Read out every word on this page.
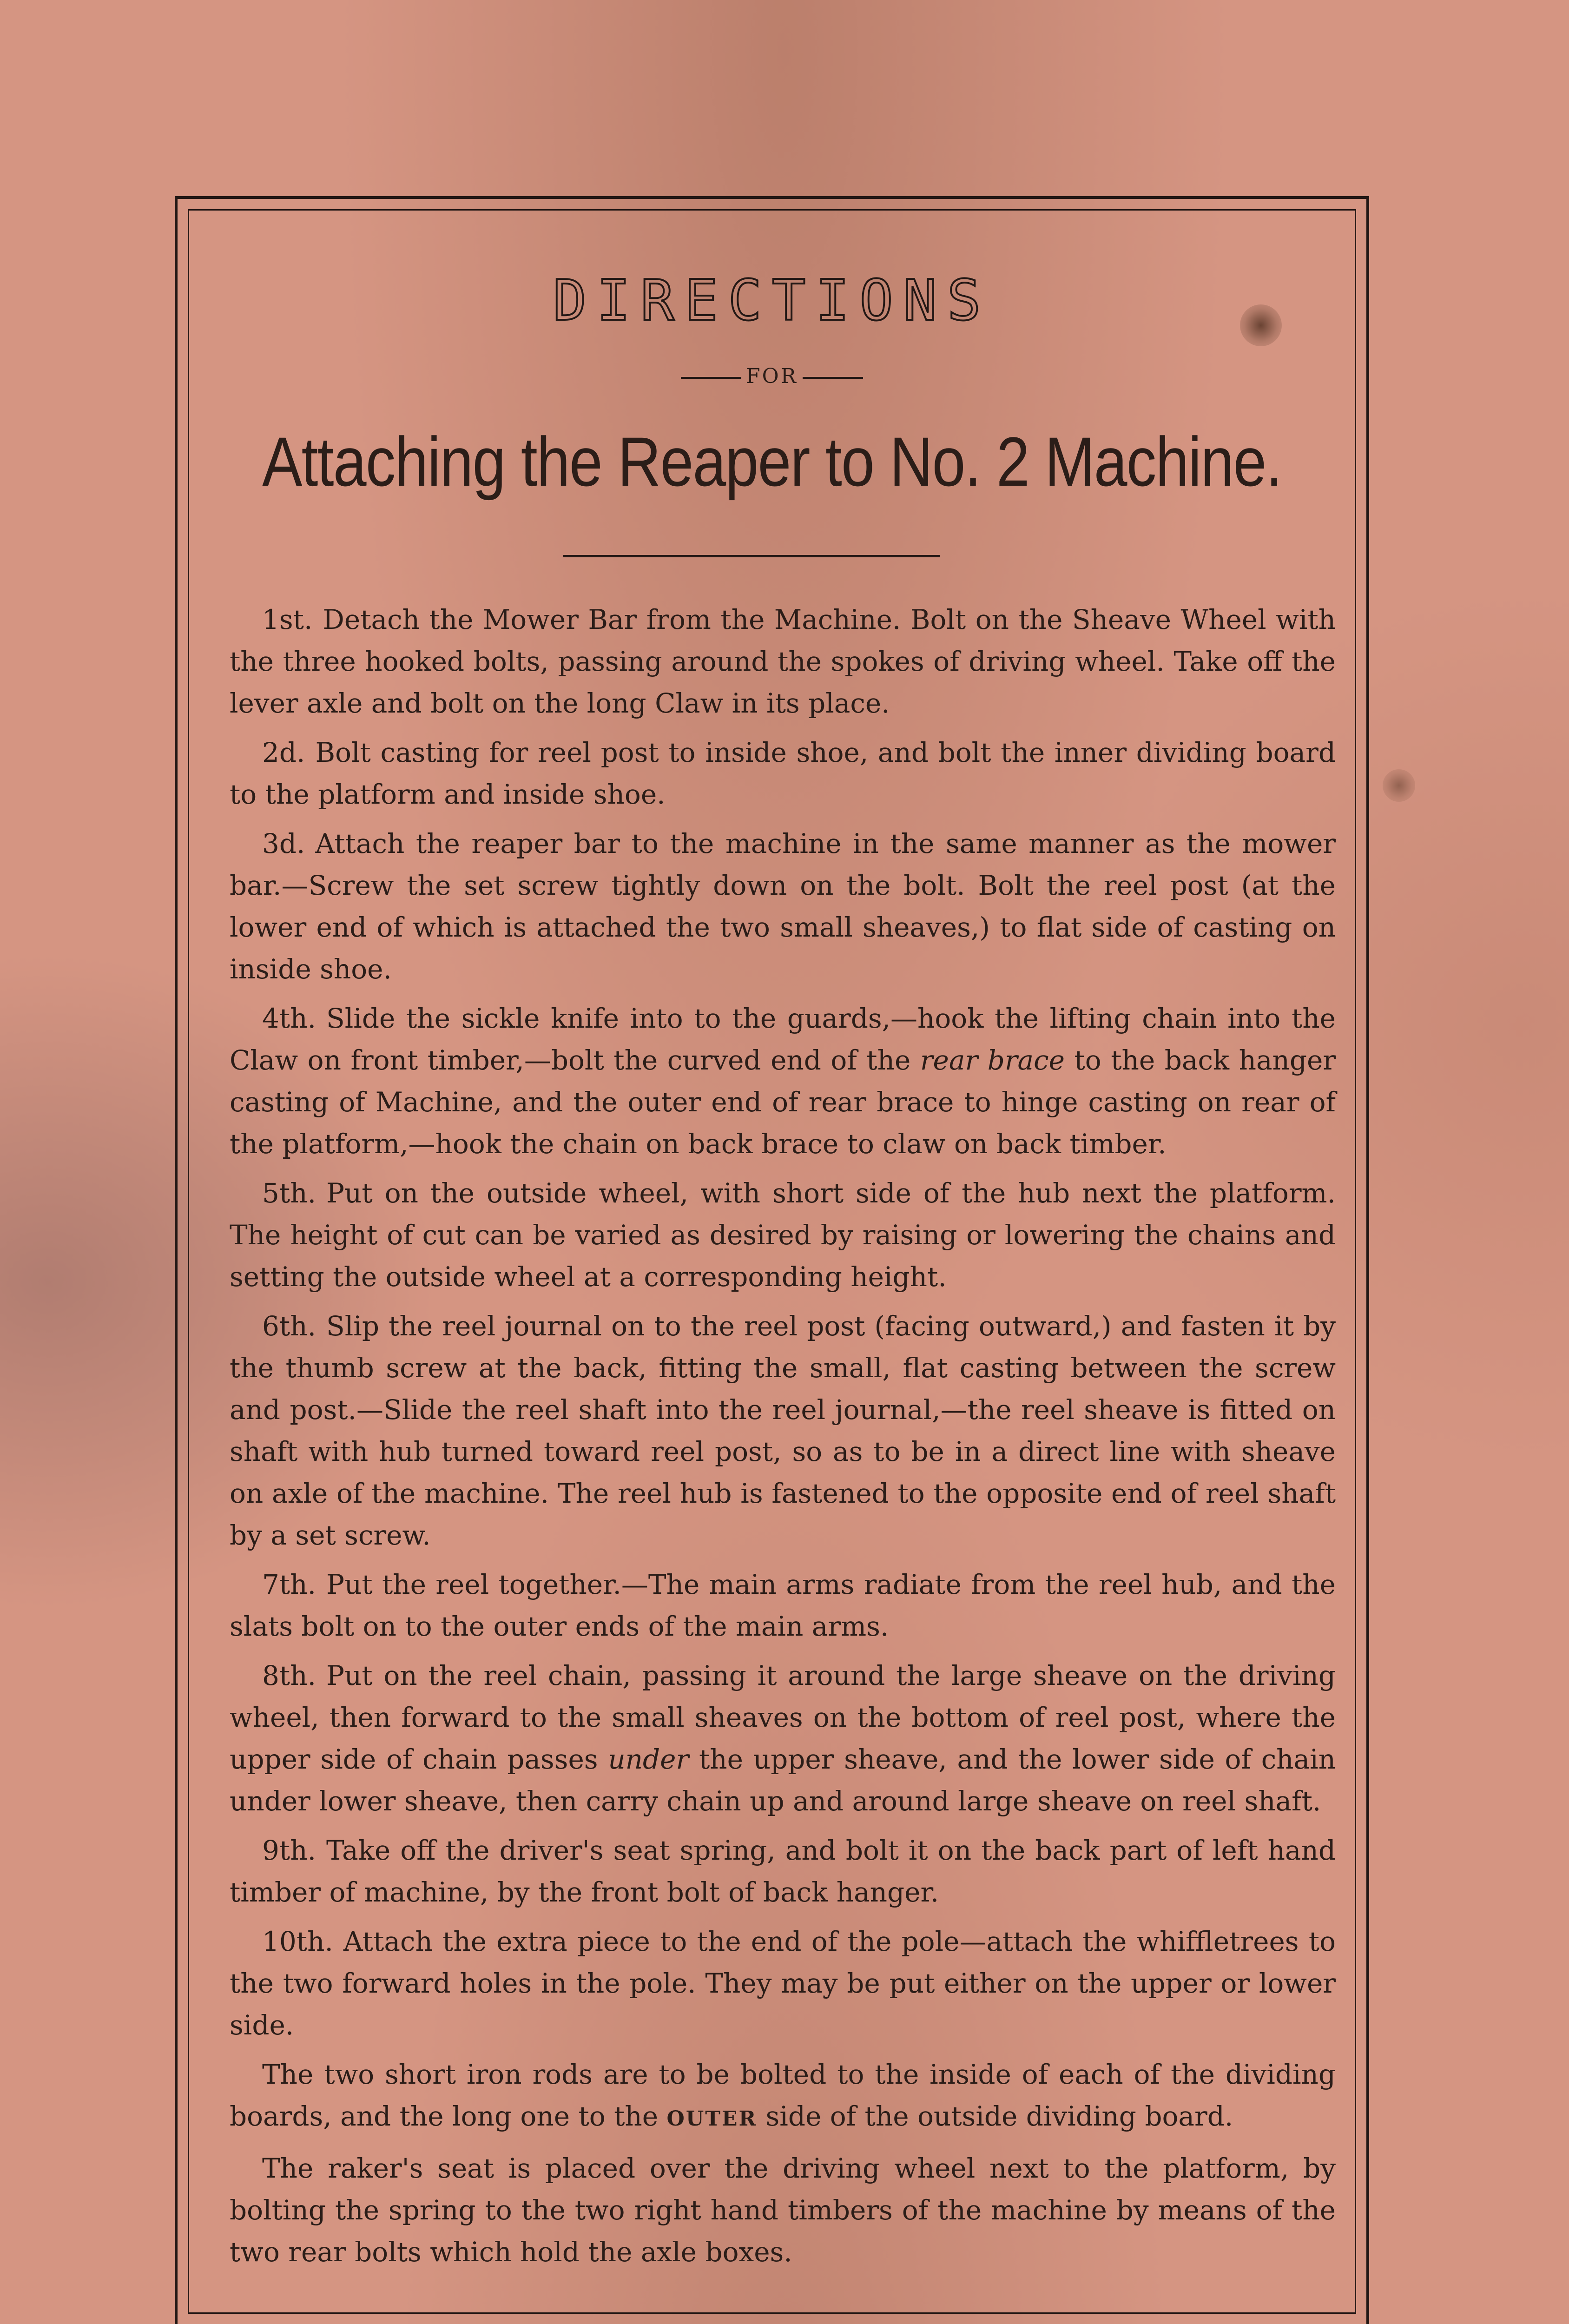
DIRECTIONS
FOR
Attaching the Reaper to No. 2 Machine.

1st. Detach the Mower Bar from the Machine. Bolt on the Sheave Wheel with the three hooked bolts, passing around the spokes of driving wheel. Take off the lever axle and bolt on the long Claw in its place.

2d. Bolt casting for reel post to inside shoe, and bolt the inner dividing board to the platform and inside shoe.

3d. Attach the reaper bar to the machine in the same manner as the mower bar.—Screw the set screw tightly down on the bolt. Bolt the reel post (at the lower end of which is attached the two small sheaves,) to flat side of casting on inside shoe.

4th. Slide the sickle knife into to the guards,—hook the lifting chain into the Claw on front timber,—bolt the curved end of the rear brace to the back hanger casting of Machine, and the outer end of rear brace to hinge casting on rear of the platform,—hook the chain on back brace to claw on back timber.

5th. Put on the outside wheel, with short side of the hub next the platform. The height of cut can be varied as desired by raising or lowering the chains and setting the outside wheel at a corresponding height.

6th. Slip the reel journal on to the reel post (facing outward,) and fasten it by the thumb screw at the back, fitting the small, flat casting between the screw and post.—Slide the reel shaft into the reel journal,—the reel sheave is fitted on shaft with hub turned toward reel post, so as to be in a direct line with sheave on axle of the machine. The reel hub is fastened to the opposite end of reel shaft by a set screw.

7th. Put the reel together.—The main arms radiate from the reel hub, and the slats bolt on to the outer ends of the main arms.

8th. Put on the reel chain, passing it around the large sheave on the driving wheel, then forward to the small sheaves on the bottom of reel post, where the upper side of chain passes under the upper sheave, and the lower side of chain under lower sheave, then carry chain up and around large sheave on reel shaft.

9th. Take off the driver's seat spring, and bolt it on the back part of left hand timber of machine, by the front bolt of back hanger.

10th. Attach the extra piece to the end of the pole—attach the whiffletrees to the two forward holes in the pole. They may be put either on the upper or lower side.

The two short iron rods are to be bolted to the inside of each of the dividing boards, and the long one to the OUTER side of the outside dividing board.

The raker's seat is placed over the driving wheel next to the platform, by bolting the spring to the two right hand timbers of the machine by means of the two rear bolts which hold the axle boxes.
